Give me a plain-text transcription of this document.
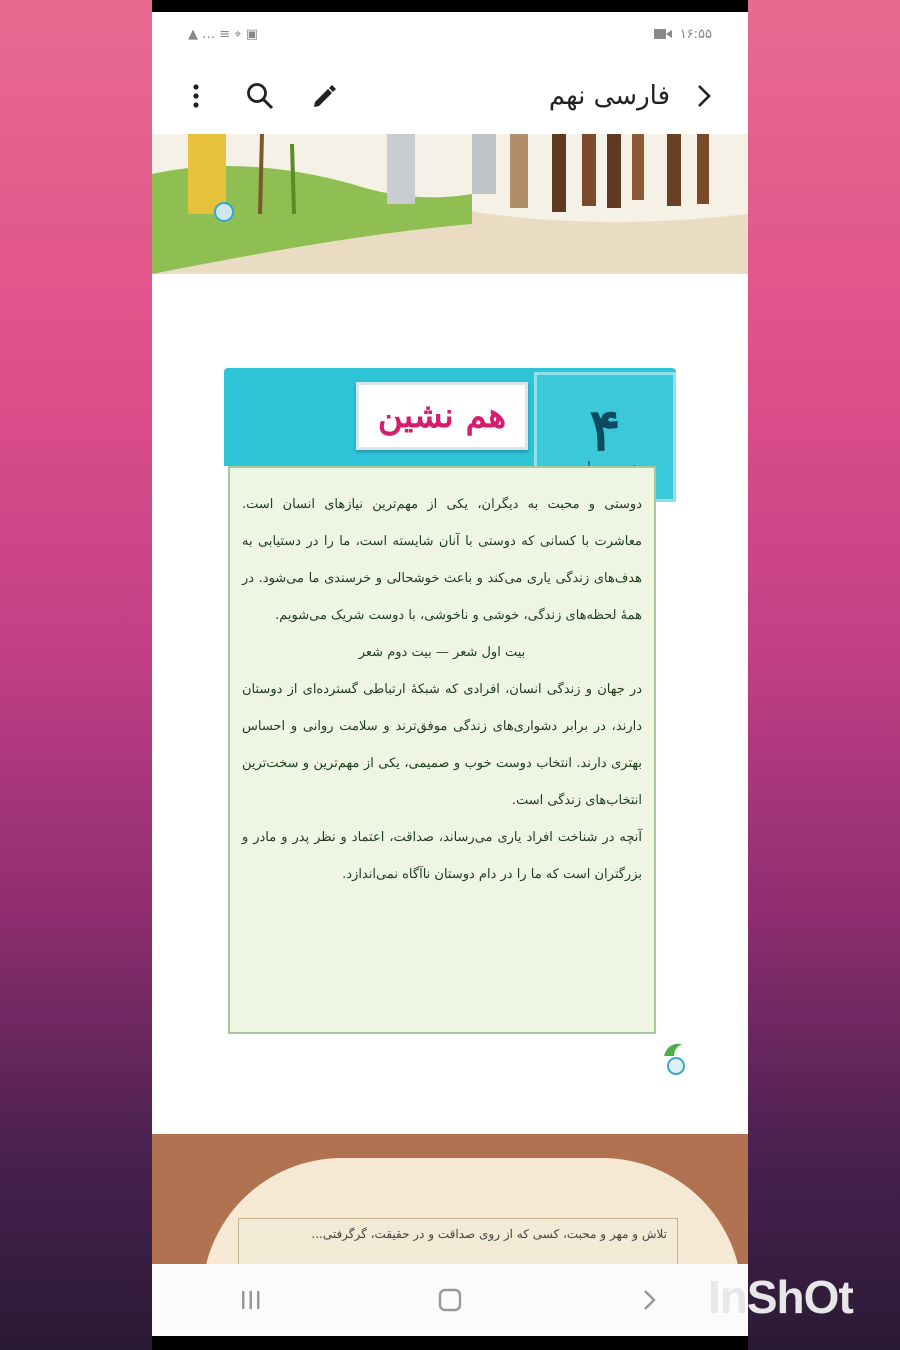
▲ … ≡ ⌖ ▣	۱۶:۵۵
فارسی نهم
هم نشین	۴

دوستی و محبت به دیگران، یکی از مهم‌ترین نیازهای انسان است. معاشرت با کسانی که دوستی با آنان شایسته است، ما را در دستیابی به هدف‌های زندگی یاری می‌کند و باعث خوشحالی و خرسندی ما می‌شود. در همهٔ لحظه‌های زندگی، خوشی و ناخوشی، با دوست شریک می‌شویم.

بیت اول شعر — بیت دوم شعر

در جهان و زندگی انسان، افرادی که شبکهٔ ارتباطی گسترده‌ای از دوستان دارند، در برابر دشواری‌های زندگی موفق‌ترند و سلامت روانی و احساس بهتری دارند. انتخاب دوست خوب و صمیمی، یکی از مهم‌ترین و سخت‌ترین انتخاب‌های زندگی است.

آنچه در شناخت افراد یاری می‌رساند، صداقت، اعتماد و نظر پدر و مادر و بزرگتران است که ما را در دام دوستان ناآگاه نمی‌اندازد.

تلاش و مهر و محبت، کسی که از روی صداقت و در حقیقت، گرگرفتی...
InShOt
